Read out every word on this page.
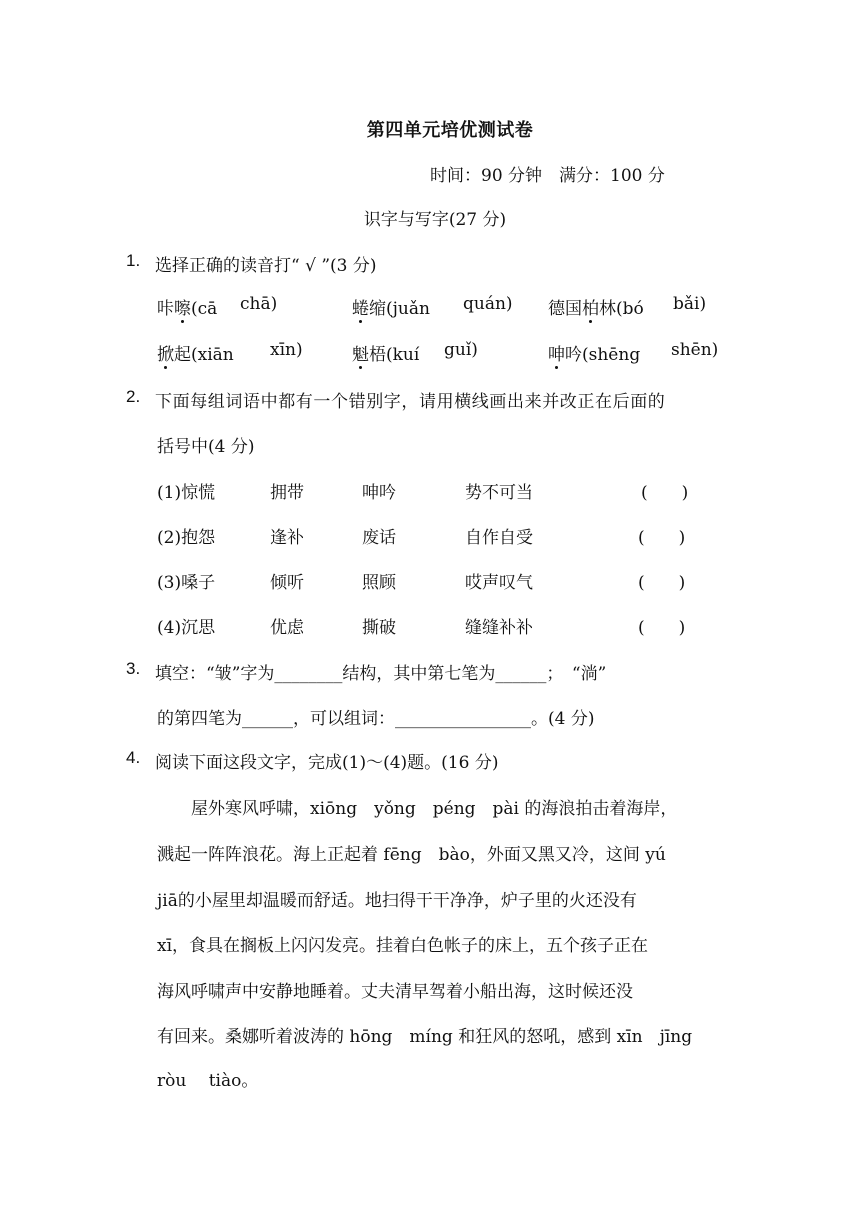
第四单元培优测试卷
时间：90 分钟　满分：100 分
识字与写字(27 分)
1. 选择正确的读音打“ √ ”(3 分)
咔嚓(cā chā)	蜷缩(juǎn quán) 德国柏林(bó bǎi)
掀起(xiān xīn)	魁梧(kuí guǐ)	呻吟(shēng shēn)
2. 下面每组词语中都有一个错别字，请用横线画出来并改正在后面的
括号中(4 分)
(1)惊慌	拥带	呻吟	势不可当	(　　)
(2)抱怨	逢补	废话	自作自受	(　　)
(3)嗓子	倾听	照顾	哎声叹气	(　　)
(4)沉思	优虑	撕破	缝缝补补	(　　)
3. 填空：“皱”字为________结构，其中第七笔为______；　“淌”
的第四笔为______，可以组词：________________。(4 分)
4. 阅读下面这段文字，完成(1)～(4)题。(16 分)
　　屋外寒风呼啸，xiōng　yǒng　péng　pài 的海浪拍击着海岸，
溅起一阵阵浪花。海上正起着 fēng　bào，外面又黑又冷，这间 yú
jiā的小屋里却温暖而舒适。地扫得干干净净，炉子里的火还没有
xī，食具在搁板上闪闪发亮。挂着白色帐子的床上，五个孩子正在
海风呼啸声中安静地睡着。丈夫清早驾着小船出海，这时候还没
有回来。桑娜听着波涛的 hōng　míng 和狂风的怒吼，感到 xīn　jīng
ròu　 tiào。
